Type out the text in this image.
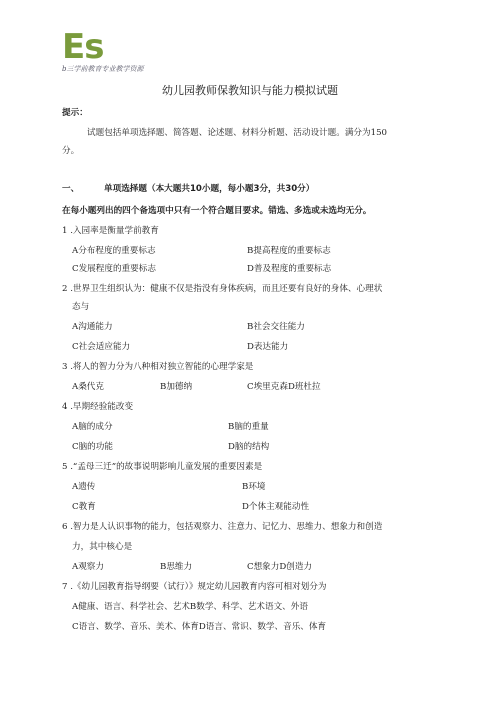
Es
b三学前教育专业教学资源
幼儿园教师保教知识与能力模拟试题
提示：
试题包括单项选择题、简答题、论述题、材料分析题、活动设计题。满分为150
分。
一、	单项选择题（本大题共10小题，每小题3分，共30分）
在每小题列出的四个备选项中只有一个符合题目要求。错选、多选或未选均无分。
1 .入园率是衡量学前教育
A分布程度的重要标志	B提高程度的重要标志
C发展程度的重要标志	D普及程度的重要标志
2 .世界卫生组织认为：健康不仅是指没有身体疾病，而且还要有良好的身体、心理状
态与
A沟通能力	B社会交往能力
C社会适应能力	D表达能力
3 .将人的智力分为八种相对独立智能的心理学家是
A桑代克	B加德纳	C埃里克森D班杜拉
4 .早期经验能改变
A脑的成分	B脑的重量
C脑的功能	D脑的结构
5 .“孟母三迁”的故事说明影响儿童发展的重要因素是
A遗传	B环境
C教育	D个体主观能动性
6 .智力是人认识事物的能力，包括观察力、注意力、记忆力、思维力、想象力和创造
力，其中核心是
A观察力	B思维力	C想象力D创造力
7 .《幼儿园教育指导纲要（试行）》规定幼儿园教育内容可相对划分为
A健康、语言、科学社会、艺术B数学、科学、艺术语文、外语
C语言、数学、音乐、美术、体育D语言、常识、数学、音乐、体育
